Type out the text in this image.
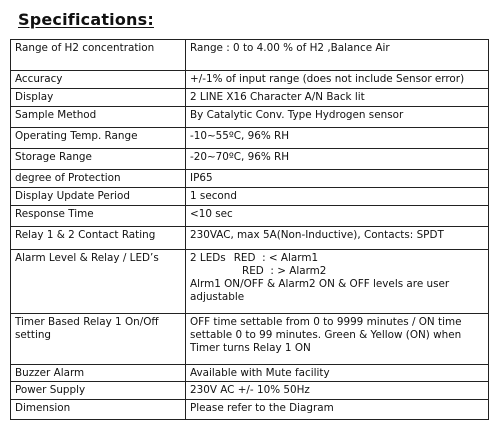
Specifications:
Range of H2 concentration	Range : 0 to 4.00 % of H2 ,Balance Air
Accuracy	+/-1% of input range (does not include Sensor error)
Display	2 LINE X16 Character A/N Back lit
Sample Method	By Catalytic Conv. Type Hydrogen sensor
Operating Temp. Range	-10~55ºC, 96% RH
Storage Range	-20~70ºC, 96% RH
degree of Protection	IP65
Display Update Period	1 second
Response Time	<10 sec
Relay 1 & 2 Contact Rating	230VAC, max 5A(Non-Inductive), Contacts: SPDT
Alarm Level & Relay / LED’s	2 LEDs RED : < Alarm1
RED : > Alarm2
Alrm1 ON/OFF & Alarm2 ON & OFF levels are user adjustable

Timer Based Relay 1 On/Off setting	OFF time settable from 0 to 9999 minutes / ON time settable 0 to 99 minutes. Green & Yellow (ON) when Timer turns Relay 1 ON
Buzzer Alarm	Available with Mute facility
Power Supply	230V AC +/- 10% 50Hz
Dimension	Please refer to the Diagram
